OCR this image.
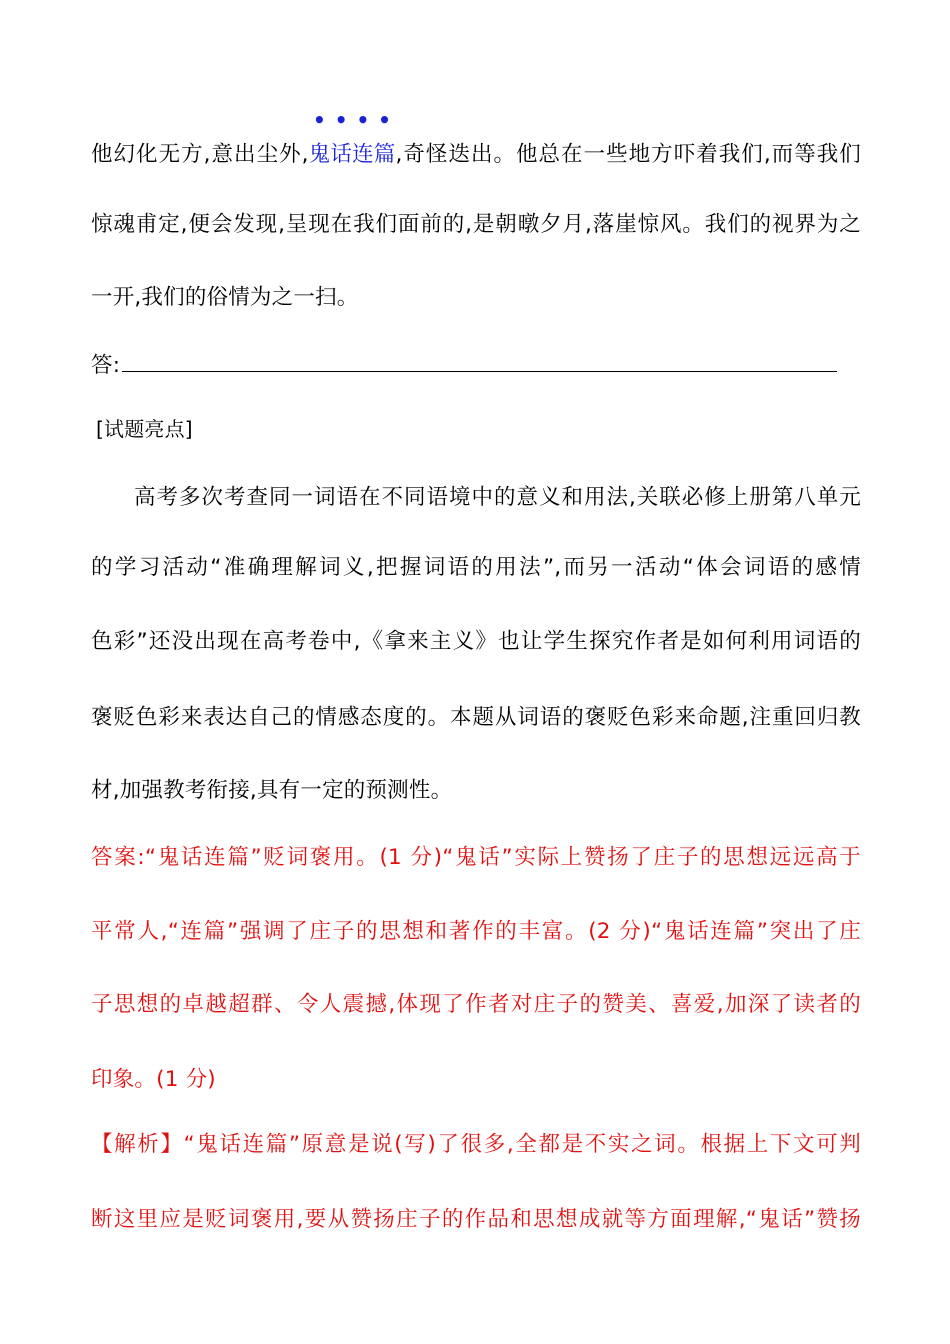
他幻化无方,意出尘外,
• • • •
鬼话连篇,奇怪迭出。他总在一些地方吓着我们,而等我们
惊魂甫定,便会发现,呈现在我们面前的,是朝暾夕月,落崖惊风。我们的视界为之
一开,我们的俗情为之一扫。
答:
[试题亮点]
高考多次考查同一词语在不同语境中的意义和用法,关联必修上册第八单元
的学习活动“准确理解词义,把握词语的用法”,而另一活动“体会词语的感情
色彩”还没出现在高考卷中,《拿来主义》也让学生探究作者是如何利用词语的
褒贬色彩来表达自己的情感态度的。本题从词语的褒贬色彩来命题,注重回归教
材,加强教考衔接,具有一定的预测性。
答案:“鬼话连篇”贬词褒用。(1 分)“鬼话”实际上赞扬了庄子的思想远远高于
平常人,“连篇”强调了庄子的思想和著作的丰富。(2 分)“鬼话连篇”突出了庄
子思想的卓越超群、令人震撼,体现了作者对庄子的赞美、喜爱,加深了读者的
印象。(1 分)
【解析】“鬼话连篇”原意是说(写)了很多,全都是不实之词。根据上下文可判
断这里应是贬词褒用,要从赞扬庄子的作品和思想成就等方面理解,“鬼话”赞扬
